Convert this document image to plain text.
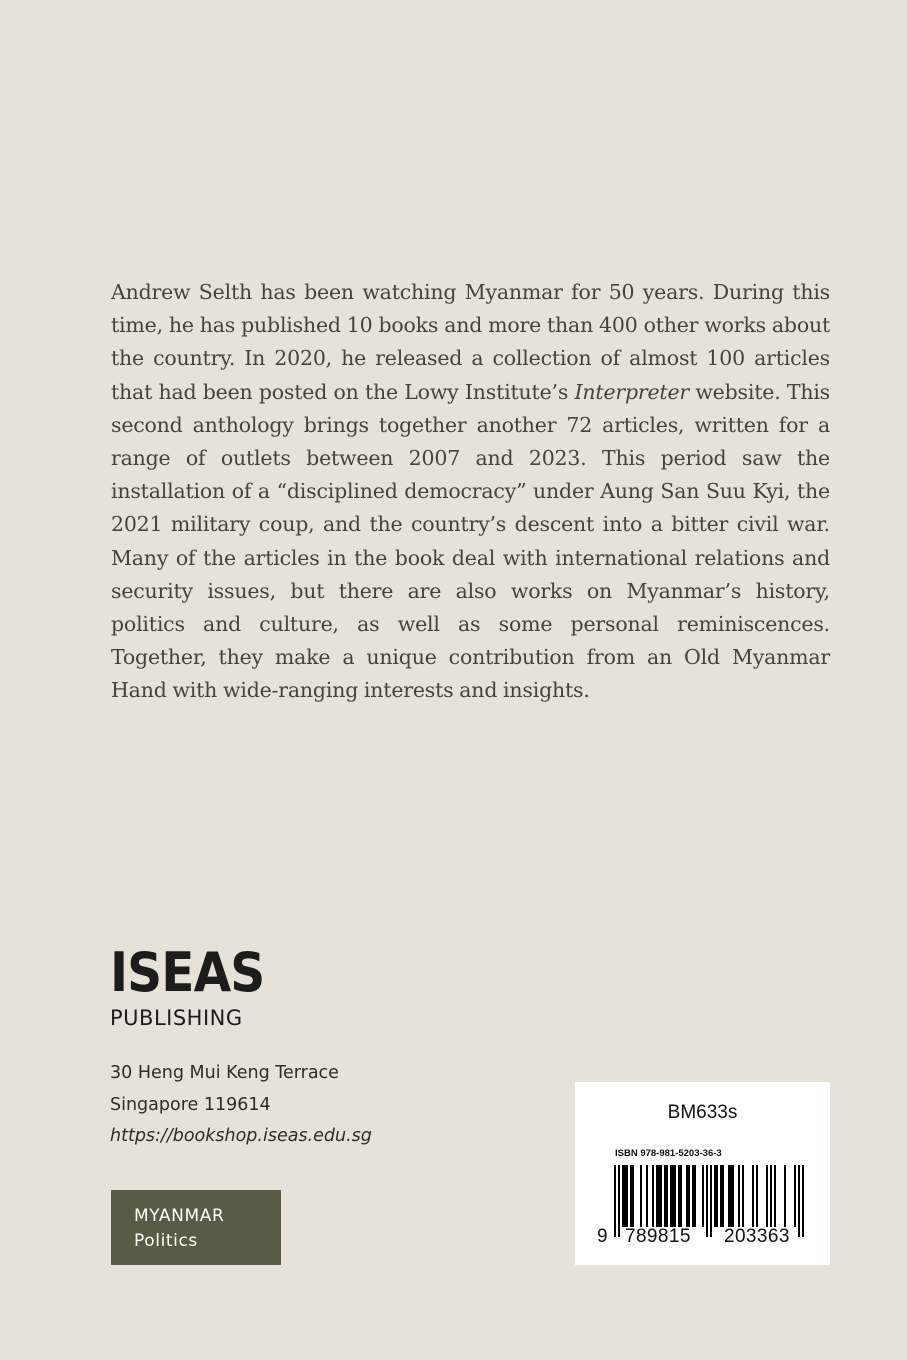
Andrew Selth has been watching Myanmar for 50 years. During this time, he has published 10 books and more than 400 other works about the country. In 2020, he released a collection of almost 100 articles that had been posted on the Lowy Institute’s Interpreter website. This second anthology brings together another 72 articles, written for a range of outlets between 2007 and 2023. This period saw the installation of a “disciplined democracy” under Aung San Suu Kyi, the 2021 military coup, and the country’s descent into a bitter civil war. Many of the articles in the book deal with international relations and security issues, but there are also works on Myanmar’s history, politics and culture, as well as some personal reminiscences. Together, they make a unique contribution from an Old Myanmar Hand with wide-ranging interests and insights.
ISEAS
PUBLISHING
30 Heng Mui Keng Terrace
Singapore 119614
https://bookshop.iseas.edu.sg
MYANMAR
Politics
BM633s
ISBN 978-981-5203-36-3
9 789815 203363
